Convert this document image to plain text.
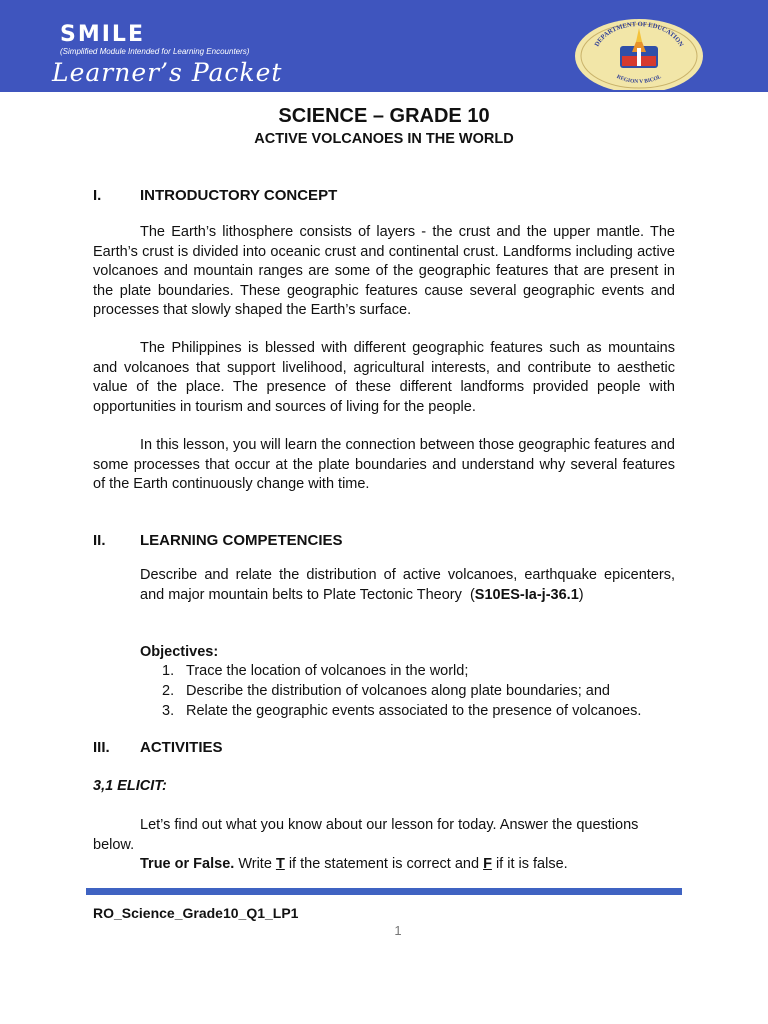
SMILE
(Simplified Module Intended for Learning Encounters)
Learner’s Packet
DEPARTMENT OF EDUCATION
REGION V BICOL
SCIENCE – GRADE 10
ACTIVE VOLCANOES IN THE WORLD
I.	INTRODUCTORY CONCEPT
The Earth’s lithosphere consists of layers - the crust and the upper mantle. The Earth’s crust is divided into oceanic crust and continental crust. Landforms including active volcanoes and mountain ranges are some of the geographic features that are present in the plate boundaries. These geographic features cause several geographic events and processes that slowly shaped the Earth’s surface.
The Philippines is blessed with different geographic features such as mountains and volcanoes that support livelihood, agricultural interests, and contribute to aesthetic value of the place. The presence of these different landforms provided people with opportunities in tourism and sources of living for the people.
In this lesson, you will learn the connection between those geographic features and some processes that occur at the plate boundaries and understand why several features of the Earth continuously change with time.
II. LEARNING COMPETENCIES
Describe and relate the distribution of active volcanoes, earthquake epicenters, and major mountain belts to Plate Tectonic Theory (S10ES-Ia-j-36.1)
Objectives:
1. Trace the location of volcanoes in the world;
2. Describe the distribution of volcanoes along plate boundaries; and
3. Relate the geographic events associated to the presence of volcanoes.
III. ACTIVITIES
3,1 ELICIT:
Let’s find out what you know about our lesson for today. Answer the questions below.
True or False. Write T if the statement is correct and F if it is false.
RO_Science_Grade10_Q1_LP1
1
